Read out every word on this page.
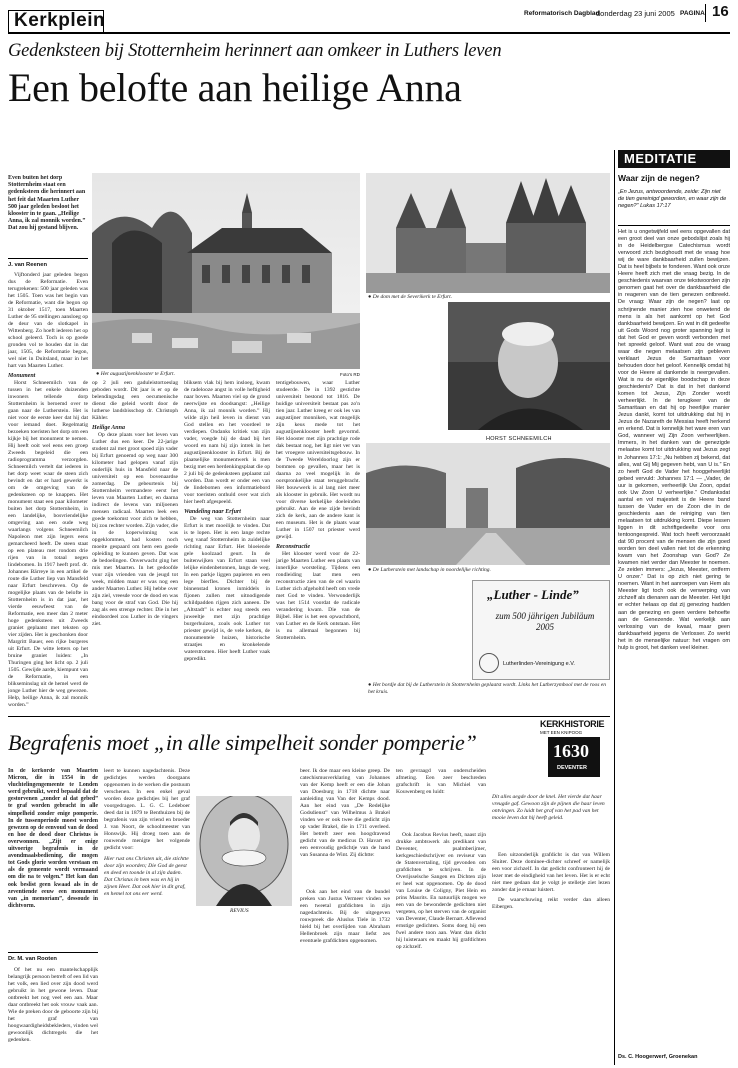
Kerkplein	Reformatorisch Dagblad
donderdag 23 juni 2005 PAGINA 16
Gedenksteen bij Stotternheim herinnert aan omkeer in Luthers leven
Een belofte aan heilige Anna
Even buiten het dorp Stotternheim staat een gedenksteen die herinnert aan het feit dat Maarten Luther 500 jaar geleden besloot het klooster in te gaan. „Heilige Anna, ik zal monnik worden.” Dat zou hij gestand blijven.
J. van Reenen

Vijftonderd jaar geleden begon dus de Reformatie. Even terugrekenen: 500 jaar geleden was het 1505. Toen was het begin van de Reformatie, want die begon op 31 oktober 1517, toen Maarten Luther de 95 stellingen aansloeg op de deur van de slotkapel in Wittenberg. Zo hoeft iederen het op school geleerd. Toch is op goede gronden vol te houden dat in dat jaar, 1505, de Reformatie begon, wel niet in Duitsland, maar in het hart van Maarten Luther.

Monument

Horst Schneemilch van de tussen in het enkele duizenden inwoners tellende dorp Stotternheim is beroemd over te gaan naar de Lutherstein. Het is niet voor de eerste keer dat hij dat voor iemand doet. Regelmatig bezoeken toeristen het dorp om een kijkje bij het monument te nemen. Hij heeft ooit wel eens een groep Zweeds begeleid die een radioprogramma verzorgden. Schneemilch vertelt dat iederen in het dorp weet waar de steen zich bevindt en dat er hard gewerkt is om de omgeving van de gedenksteen op te knappen. Het monument staat een paar kilometer buiten het dorp Stotternheim, in een landelijke, bosvriendelijke omgeving aan een oude weg waarlangs volgens Schneemilch Napoleon met zijn legers eens gemarcheerd heeft. De steen staat op een plateau met rondom drie rijen van in totaal negen lindebomen. In 1917 heeft prof. dr. Johannes Bärreye in een artikel de route die Luther liep van Mansfeld naar Erfurt beschreven. Op de mogelijke plaats van de belofte in Stotternheim is in dat jaar, het vierde eeuwfeest van de Reformatie, een meer dan 2 meter hoge gedenksteen uit Zweeds graniet geplaatst met teksten op vier zijden. Het is geschonken door Margritt Bauer, een rijke burgeres uit Erfurt. De witte letters op het bruine graniet luiden: „In Thuringen ging het licht op. 2 juli 1505. Gewijde aarde, kiempunt van de Reformatie, in een blikseminslag uit de hemel werd de jonge Luther hier de weg gewezen. Help, heilige Anna, ik zal monnik worden.”

● Het augustijnenklooster te Erfurt.	Foto's RD

op 2 juli een gaduleistortoeslag geboden wordt. Dit jaar is er op de belendingsdag een oecumenische dienst die geleid wordt door de lutherse landsbisschop dr. Christoph Kähler.

Heilige Anna

Op deze plaats voer het leven van Luther dus een keer. De 22-jarige student zal met groot spoed zijn vader bij Erfurt genoemd op weg naar 300 kilometer had gelopen vanaf zijn ouderlijk huis in Mansfeld naar de universiteit op een bovenaardse zomerdag. De gebeurtenis bij Stotternheim vermandere eerst het leven van Maarten Luther, en daarna indirect de levens van miljoenen mensen radicaal. Maarten leek een goede toekomst voor zich te hebben, bij zou rechter worden. Zijn vader, die in de koperwinning was opgeklommen, had kosten noch moeite gespaard om hem een goede opleiding te kunnen geven. Dat was de bedoelingen. Onverwacht ging het mis met Maarten. In het gedoofde vuur zijn vrienden van de jeugd tot week, midden maar er was nog een ander Maarten Luther. Hij hebbe over zijn ziel, vreesde voor de dood en was bang voor de straf van God. Die hij zag als een strenge rechter. Die in het eindoordeel zou Luther in de vingers ziet.

bliksem vlak bij hem insloeg, kwam de radelooze angst in volle heftigheid naar boven. Maarten viel op de grond neerwijste en doodsangst: „Heilige Anna, ik zal monnik worden.” Hij wilde zijn heil leven in dienst van God stellen en het voordeel te verdiepen. Ondanks kritiek van zijn vader, voegde hij de daad bij het woord en nam hij zijn intrek in het augustijnenklooster in Erfurt. Bij de plaatselijke monumentwerk is men bezig met een herdenkingsplaat die op 2 juli bij de gedenksteen geplaatst zal worden. Dan wordt er onder een van de lindebomen een informatiebord voor toeristen onthuld over wat zich hier heeft afgespeeld.

Wandeling naar Erfurt

De weg van Stotternheim naar Erfurt is met moeilijk te vinden. Dat is te lopen. Het is een lange rechte weg vanaf Stotternheim in zuidelijke richting naar Erfurt. Het bloeiende gele koolzaad geurt. In de buitenwijken van Erfurt staan veel lelijke eindenbetonnen, langs de weg. In een parkje liggen papieren en een lege bierfles. Dichter bij de binnenstad kronen inmiddels in fijonen zullen met uitnodigende schildpadden rijgen zich aaneen. De „Altstadt” is echter nog steeds een juweeltje met zijn prachtige burgerhuizen, zoals ook Luther tot priester gewijd is, de vele kerken, de monumentele huizen, historische straatjes en kronkelende waterstromen. Hier heeft Luther vaak gepredikt.

tentigebouwen, waar Luther studeerde. De in 1392 gestichte universiteit bestond tot 1816. De huidige universiteit bestaat pas zo'n tien jaar. Luther kreeg er ook les van augustijner monniken, wat mogelijk zijn keus mede tot het augustijnenklooster heeft gevormd. Het klooster met zijn prachtige rode dak bestaat nog, het ligt niet ver van het vroegere universiteitsgebouw. In de Tweede Wereldoorlog zijn er bommen op gevallen, maar het is daarna zo veel mogelijk in de oorspronkelijke staat teruggebracht. Het bouwwerk is al lang niet meer als klooster in gebruik. Het wordt nu voor diverse kerkelijke doeleinden gebruikt. Aan de ene zijde bevindt zich de kerk, aan de andere kant is een museum. Het is de plaats waar Luther in 1507 tot priester werd gewijd.

Reconstructie

Het klooster werd voor de 22-jarige Maarten Luther een plaats van innerlijke worsteling. Tijdens een rondleiding laat men een reconstructie zien van de cel waarin Luther zich afgeholtd heeft om vrede met God te vinden. Verwonderlijk was het 1514 voordat de radicale verandering kwam. Die van de Bijbel. Hier is het een opwachtbord, van Luther en de Kerk ontstaan. Het is nu allemaal begonnen bij Stotternheim.

● De dom met de Severikerk te Erfurt.
HORST SCHNEEMILCH
● De Lutherstein met landschap in noordelijke richting.
„Luther - Linde”
zum 500 jährigen Jubiläum 2005
Lutherlinden-Vereinigung e.V.
● Het bordje dat bij de Lutherstein in Stotternheim geplaatst wordt. Links het Lutherzymbool met de roos en het kruis.
MEDITATIE
Waar zijn de negen?
„En Jezus, antwoordende, zeide: Zijn niet de tien gereinigd geworden, en waar zijn de negen?” Lukas 17:17

Het is u ongetwijfeld wel eens opgevallen dat een groot deel van onze gebodslijst zoals hij in de Heidelbergse Catechismus wordt verwoord zich bezighoudt met de vraag hoe wij de ware dankbaarheid zullen bewijzen. Dat is heel bijbels te fonderen. Want ook onze Heere heeft zich met die vraag bezig. In de geschiedenis waarvan onze tekstwoorden zijn genomen gaat het over de dankbaarheid die in reageren van de tien genezen ontbreekt. De vraag: Waar zijn de negen? laat op schrijnende manier zien hoe onwetend de mens is als het aankomt op het God dankbaarheid bewijzen. En wat in dit gedeelte uit Gods Woord nog groter spanning legt is dat het God er geven wordt verbonden met het spreekt geloof. Want wat zou de vraag waar die negen melaatsen zijn gebleven verklaart Jezus de Samaritaan voor behouden door het geloof. Kennelijk omdat hij voor de Heere al dankende is neergevallen. Wat is nu de eigenlijke boodschap in deze geschiedenis? Dat is dat in het dankend komen tot Jezus, Zijn Zonder wordt verheerlijkt. In de terugkeer van de Samaritaan en dat hij op heerlijke manier Jezus dankt, komt tot uitdrukking dat hij in Jezus de Nazareth de Messias heeft herkend en erkend. Dat is kennelijk het ware eren van God, wanneer wij Zijn Zoon verheerlijken. Immers, in het danken van de genezigde melaatse komt tot uitdrukking wat Jezus zegt in Johannes 17:1: „Nu hebben zij bekend, dat alles, wat Gij Mij gegeven hebt, van U is.” En zo heeft God de Vader het hooggeheerlijkt gebed vervuld: Johannes 17:1 — „Vader, de uur is gekomen, verheerlijk Uw Zoon, opdat ook Uw Zoon U verheerlijke.” Ondanksdat aantal en vol majesteit is de Heere band tussen de Vader en de Zoon die in de geschiedenis aan de reiniging van tien melaatsen tot uitdrukking komt. Diepe lessen liggen in dit schriftgedeelte voor ons tentoongespreid. Wat toch heeft veroorzaakt dat 90 procent van de mensen die zijn goed worden ten deel vallen niet tot de erkenning kwam van het Zoonshap van God? Ze kwamen niet verder dan Meester te noemen. Ze zeiden immers: „Jezus, Meester, ontferm U onzer.” Dat is op zich niet gering te noemen. Want in het aanroepen van Hem als Meester ligt toch ook de verwerping van zichzelf als dienaren aan de Meester. Het lijkt er echter helaas op dat zij genezing hadden aan de genezing en geen verdere behoefte aan de Genezende. Wat werkelijk aan verlossing van de kwaal, maar geen dankbaarheid jegens de Verlosser. Zo werkt het in de menselijke natuur: het vragen om hulp is groot, het danken veel kleiner.

Ds. C. Hoogerwerf, Groenekan
Begrafenis moet „in alle simpelheit sonder pomperie”
KERKHISTORIE
MET EEN KNIPOOG
1630
DEVENTER

In de kerkorde van Maarten Micron, die in 1554 in de vluchtelingengemeente te Londen werd gebruikt, werd bepaald dat de gestorvenen „zonder al dat gebed” te graf worden gebracht in alle simpelheid zonder enige pomperie. In de tussenperiode moest worden gewezen op de eenvoud van de dood en hoe de dood door Christus is overwonnen. „Zijt er enige uitvoerige begrafenis in de avondmaalsbediening, die mogen tot Gods glorie worden verstaan en als de gemeente wordt vermaand om die na te volgen.” Het kan dan ook beslist geen kwaad als in de zeventiende eeuw een monument van „in memoriam”, dessoude in dichtvorm.

Dr. M. van Rooten

Of het nu een mantelschapplijk belangrijk persoon betreft of een lid van het volk, een lied over zijn dood werd gebruikt in het gewone leven. Daar ontbreekt het nog veel een aan. Maar daar ontbreekt het ook vrouw vaak aan. Wie de preken door de geboorte zijn bij het graf van hoogwaardigheidsbekleders, vinden wel gewoonlijk dichtregels die het gedenken.

leert te kunnen nagedachtenis. Deze gedichtjes werden doorgaans opgenomen in de werken die postuum verschenen. In een enkel geval worden deze gedichtjes bij het graf voorgedragen. L. G. C. Ledeboer deed dat in 1879 te Benthuizen bij de begrafenis van zijn vriend en broeder J. van Noort, de schoolmeester van Honswijk. Hij droeg toen aan de rouwende menigte het volgende gedicht voor:

Hier rust ons Christen uit, die stichtte door zijn woorden; Die God de geest en deed en toonde in al zijn daden. Dat Christus in hem was en hij in zijnen Heer. Dat ook hier in dit graf, en hemel tot ons eer werd.

REVIUS

beer. Ik doe maar een kleine greep. De catechismusverklaring van Johannes van der Kemp heeft er een die Johan van Doesburg in 1718 dichtte naar aanleiding van Van der Kemps dood. Aan het eind van „De Redelijke Godsdienst” van Wilhelmus à Brakel vinden we er ook twee die gedicht zijn op vader Brakel, die in 1711 overleed. Het betreft zeer een hoogdravend gedicht van de medicus D. Havart en een eenvoudig gedichtje van de hand van Susanna de Wint. Zij dichtte:

Ook aan het eind van de bundel preken van Justus Vermeer vinden we een tweetal grafdichten in zijn nagedachtenis. Bij de uitgegeven rouwpreek die Aluslus Tiele in 1732 hield bij het overlijden van Abraham Hellenbroek zijn maar liefst zes eventuele grafdichten opgenomen.

ten gevraagd van onderscheiden afmeting. Een zeer beschreden grafschrift is van Michiel van Kouwenberg en luidt:

Ook Jacobus Revius heeft, naast zijn drukke ambtswerk als predikant van Deventer, psalmberijmer, kerkgeschiedschrijver en reviseur van de Statenvertaling, tijd gevonden om grafdichten te schrijven. In de Overijsselsche Sangen en Dichten zijn er heel wat opgenomen. Op de dood van Louise de Coligny, Piet Hein en prins Maurits. En natuurlijk mogen we een van de bewonderde gedichten niet vergeten, op het sterven van de organist van Deventer, Claude Bernart. Aflevend ernstige gedichten. Soms doeg hij een fwel andere toon aan. Want dan dicht hij luisteraars en maakt hij grafdichten op zichzelf.

Dit alles aegde door de knel. Het vierde dat haar vreugde gaf. Gewoon zijn de pijnen die haar leven ontvingen. Zo luidt het graf van het pad van het mooie leven dat hij heeft geleid.

Een uitzonderlijk grafdicht is dat van Willem Sluiter. Deze dominee-dichter schreef er namelijk een voor zichzelf. In dat gedicht confronteert hij de lezer met de eindigheid van het leven. Het is er echt niet mee gedaan dat je volgt je stelletje ziet lezen zonder dat je ernaar luistert.

De waarschuwing reikt verder dan alleen Eibergen.
